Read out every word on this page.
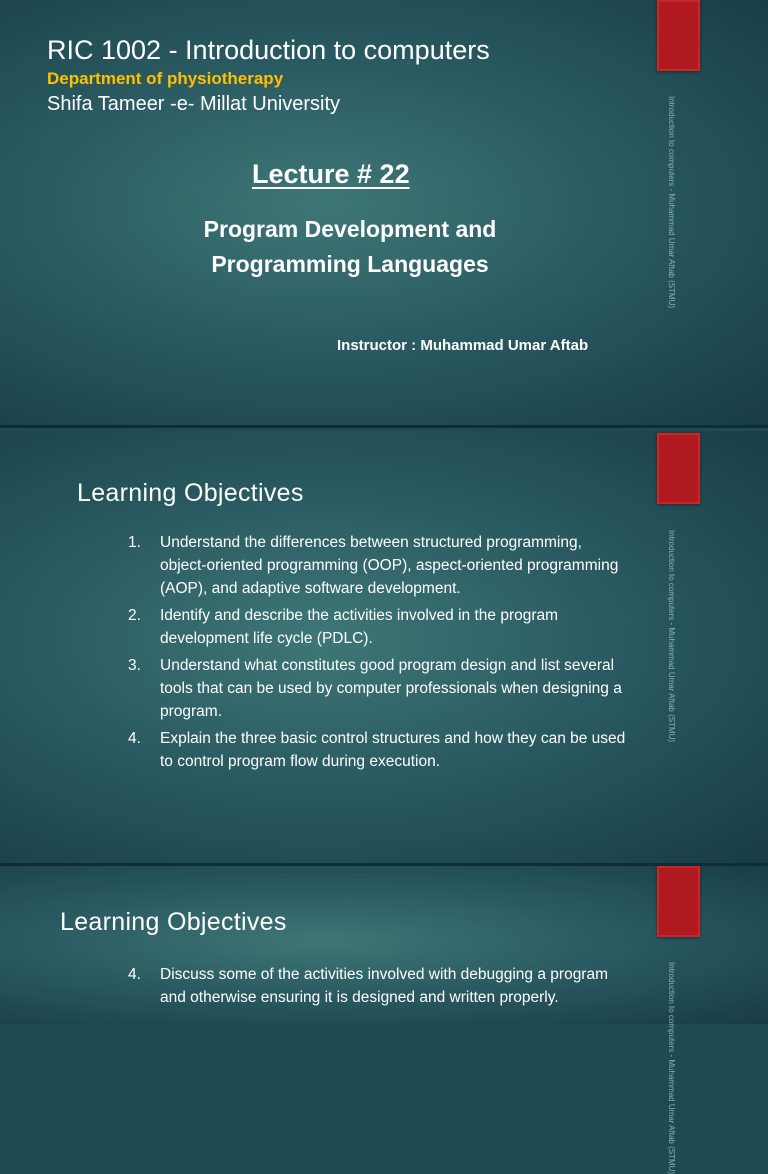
Introduction to computers - Muhammad Umar Aftab (STMU)
RIC 1002 - Introduction to computers
Department of physiotherapy
Shifa Tameer -e- Millat University
Lecture # 22
Program Development and
Programming Languages
Instructor : Muhammad Umar Aftab
Introduction to computers - Muhammad Umar Aftab (STMU)
Learning Objectives
1. Understand the differences between structured programming, object-oriented programming (OOP), aspect-oriented programming (AOP), and adaptive software development.
2. Identify and describe the activities involved in the program development life cycle (PDLC).
3. Understand what constitutes good program design and list several tools that can be used by computer professionals when designing a program.
4. Explain the three basic control structures and how they can be used to control program flow during execution.
Introduction to computers - Muhammad Umar Aftab (STMU)
Learning Objectives
4. Discuss some of the activities involved with debugging a program and otherwise ensuring it is designed and written properly.
